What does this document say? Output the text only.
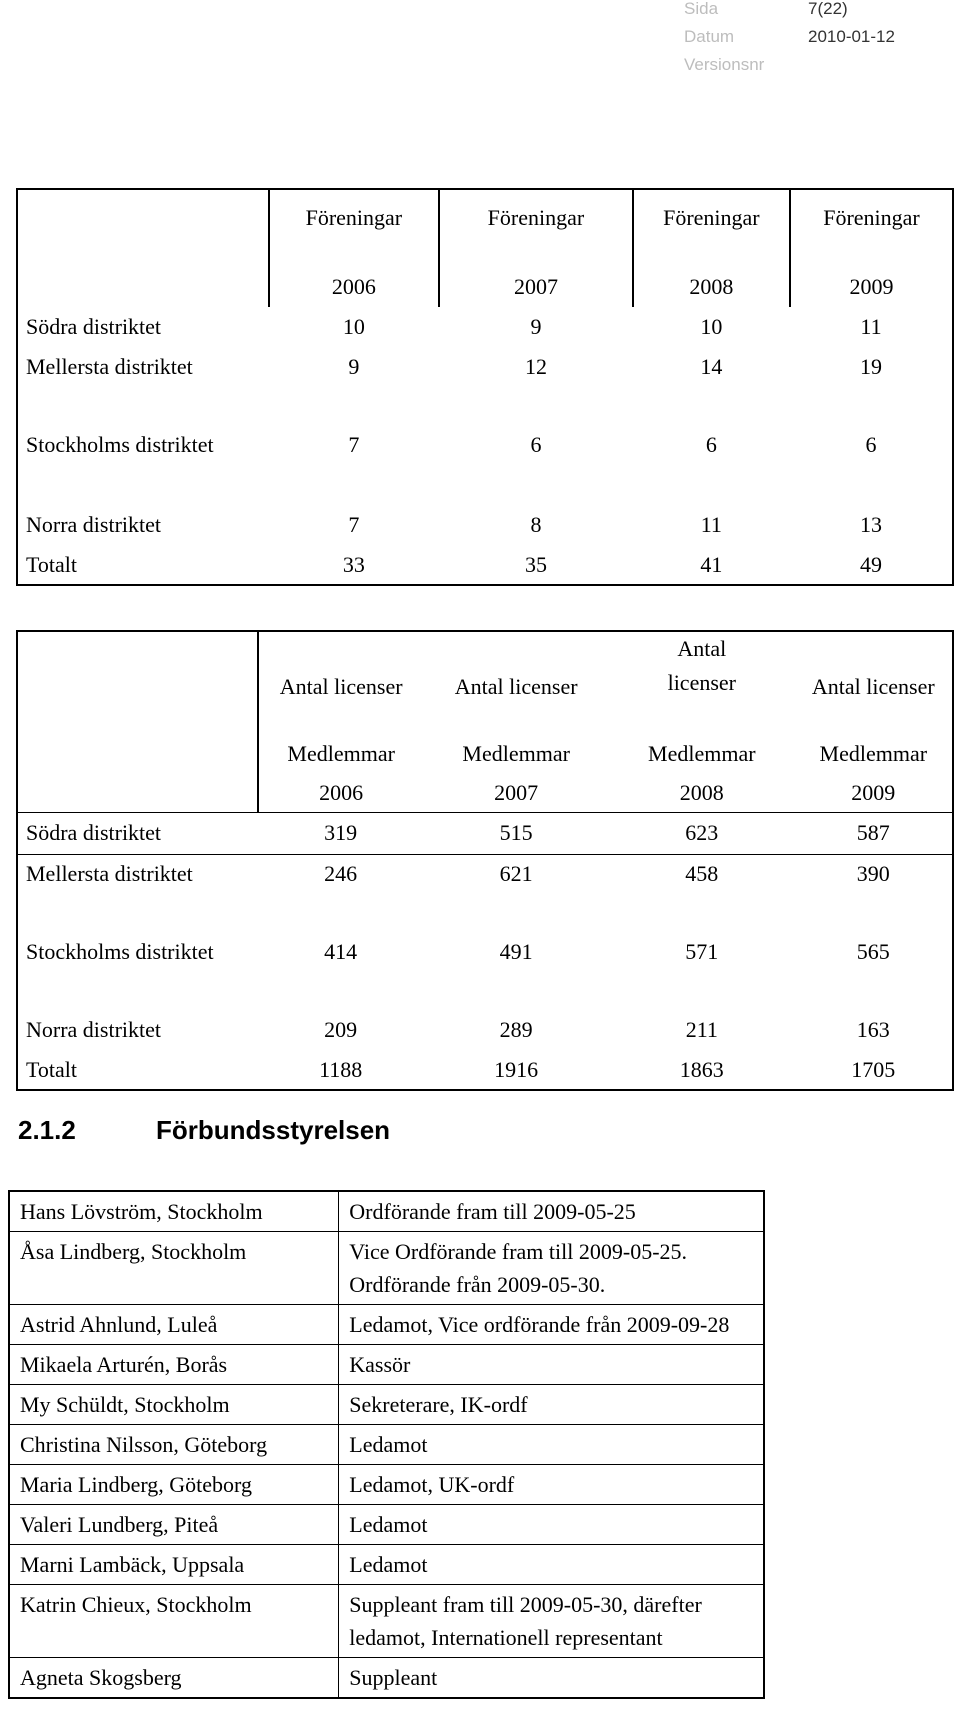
Sida	7(22)
Datum	2010-01-12
Versionsnr
	Föreningar	Föreningar	Föreningar	Föreningar

	2006	2007	2008	2009
Södra distriktet	10	9	10	11
Mellersta distriktet	9	12	14	19

Stockholms distriktet	7	6	6	6

Norra distriktet	7	8	11	13
Totalt	33	35	41	49
	Antal licenser	Antal licenser	Antal licenser	Antal licenser

	Medlemmar	Medlemmar	Medlemmar	Medlemmar
	2006	2007	2008	2009
Södra distriktet	319	515	623	587
Mellersta distriktet	246	621	458	390

Stockholms distriktet	414	491	571	565

Norra distriktet	209	289	211	163
Totalt	1188	1916	1863	1705
2.1.2	Förbundsstyrelsen
Hans Lövström, Stockholm	Ordförande fram till 2009-05-25
Åsa Lindberg, Stockholm	Vice Ordförande fram till 2009-05-25. Ordförande från 2009-05-30.
Astrid Ahnlund, Luleå	Ledamot, Vice ordförande från 2009-09-28
Mikaela Arturén, Borås	Kassör
My Schüldt, Stockholm	Sekreterare, IK-ordf
Christina Nilsson, Göteborg	Ledamot
Maria Lindberg, Göteborg	Ledamot, UK-ordf
Valeri Lundberg, Piteå	Ledamot
Marni Lambäck, Uppsala	Ledamot
Katrin Chieux, Stockholm	Suppleant fram till 2009-05-30, därefter ledamot, Internationell representant
Agneta Skogsberg	Suppleant
